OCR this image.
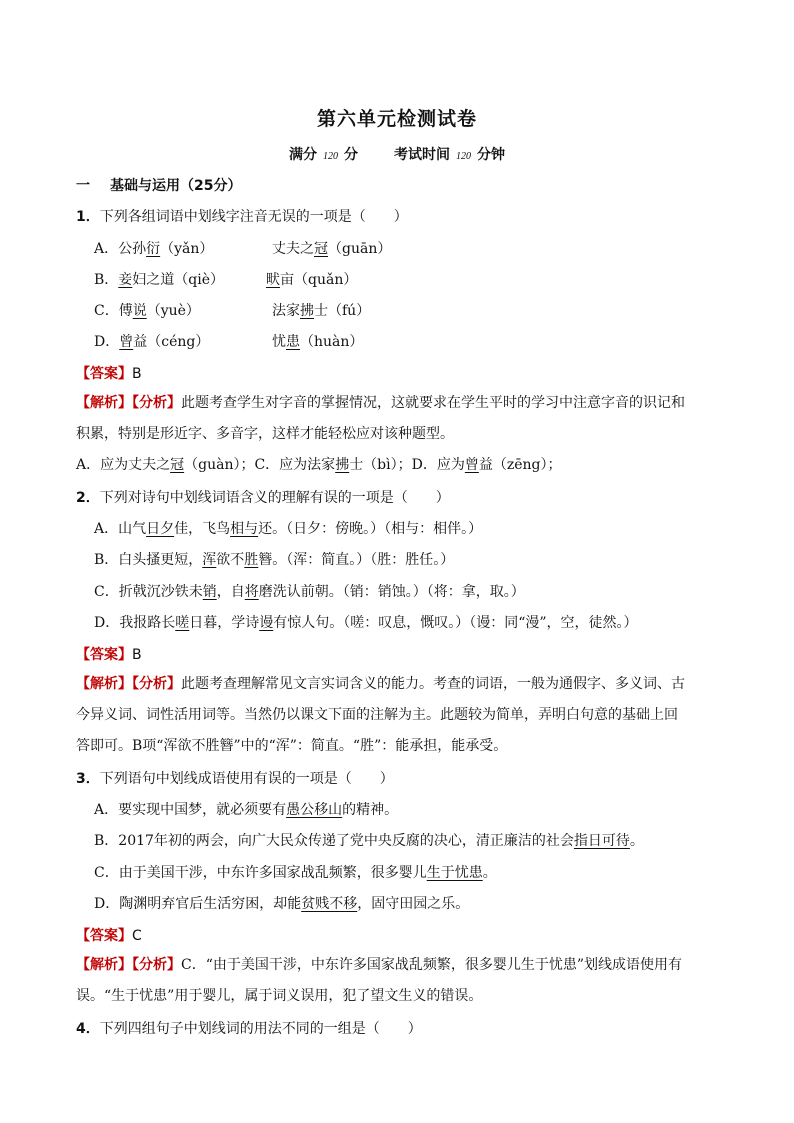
第六单元检测试卷
满分 120 分	考试时间 120 分钟
一 基础与运用（25分）
1．下列各组词语中划线字注音无误的一项是（　　）
A．公孙衍（yǎn）	丈夫之冠（guān）
B．妾妇之道（qiè）	畎亩（quǎn）
C．傅说（yuè）	法家拂士（fú）
D．曾益（céng）	忧患（huàn）
【答案】B
【解析】【分析】此题考查学生对字音的掌握情况，这就要求在学生平时的学习中注意字音的识记和
积累，特别是形近字、多音字，这样才能轻松应对该种题型。
A．应为丈夫之冠（guàn）；C．应为法家拂士（bì）；D．应为曾益（zēng）；
2．下列对诗句中划线词语含义的理解有误的一项是（　　）
A．山气日夕佳，飞鸟相与还。（日夕：傍晚。）（相与：相伴。）
B．白头搔更短，浑欲不胜簪。（浑：简直。）（胜：胜任。）
C．折戟沉沙铁未销，自将磨洗认前朝。（销：销蚀。）（将：拿，取。）
D．我报路长嗟日暮，学诗谩有惊人句。（嗟：叹息，慨叹。）（谩：同“漫”，空，徒然。）
【答案】B
【解析】【分析】此题考查理解常见文言实词含义的能力。考查的词语，一般为通假字、多义词、古
今异义词、词性活用词等。当然仍以课文下面的注解为主。此题较为简单，弄明白句意的基础上回
答即可。B项“浑欲不胜簪”中的“浑”：简直。“胜”：能承担，能承受。
3．下列语句中划线成语使用有误的一项是（　　）
A．要实现中国梦，就必须要有愚公移山的精神。
B．2017年初的两会，向广大民众传递了党中央反腐的决心，清正廉洁的社会指日可待。
C．由于美国干涉，中东许多国家战乱频繁，很多婴儿生于忧患。
D．陶渊明弃官后生活穷困，却能贫贱不移，固守田园之乐。
【答案】C
【解析】【分析】C．“由于美国干涉，中东许多国家战乱频繁，很多婴儿生于忧患”划线成语使用有
误。“生于忧患”用于婴儿，属于词义误用，犯了望文生义的错误。
4．下列四组句子中划线词的用法不同的一组是（　　）
